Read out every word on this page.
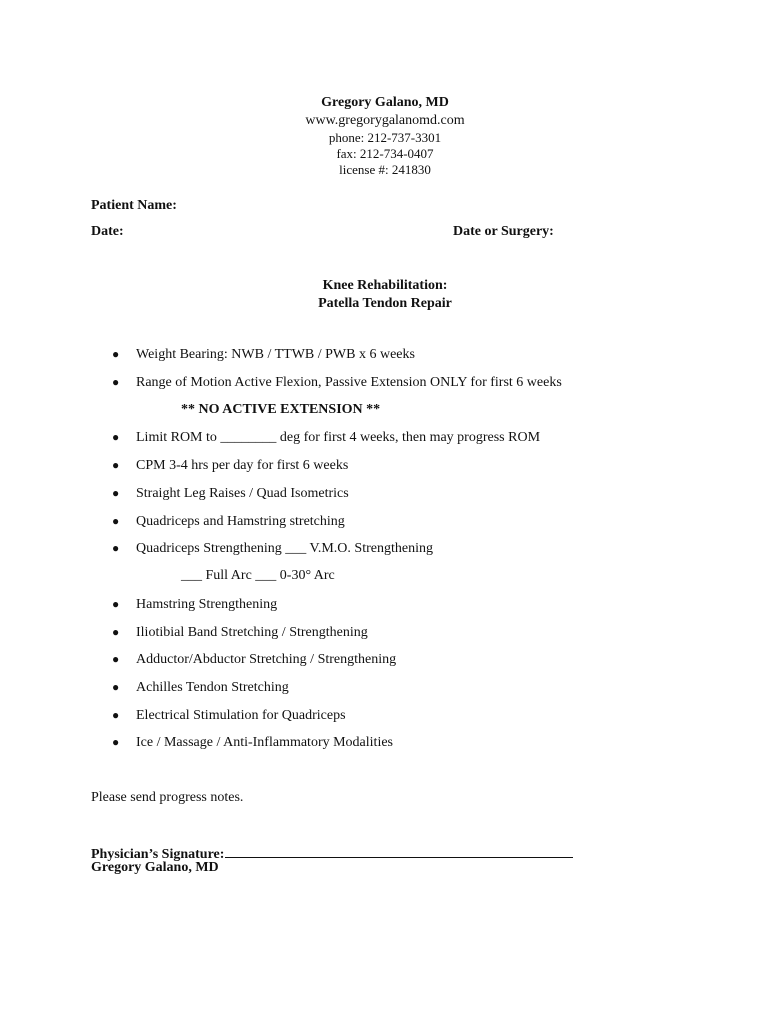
Gregory Galano, MD
www.gregorygalanomd.com
phone: 212-737-3301
fax: 212-734-0407
license #: 241830
Patient Name:
Date:	Date or Surgery:
Knee Rehabilitation:
Patella Tendon Repair
● Weight Bearing: NWB / TTWB / PWB x 6 weeks
● Range of Motion Active Flexion, Passive Extension ONLY for first 6 weeks
** NO ACTIVE EXTENSION **
● Limit ROM to ________ deg for first 4 weeks, then may progress ROM
● CPM 3-4 hrs per day for first 6 weeks
● Straight Leg Raises / Quad Isometrics
● Quadriceps and Hamstring stretching
● Quadriceps Strengthening ___ V.M.O. Strengthening
___ Full Arc ___ 0-30° Arc
● Hamstring Strengthening
● Iliotibial Band Stretching / Strengthening
● Adductor/Abductor Stretching / Strengthening
● Achilles Tendon Stretching
● Electrical Stimulation for Quadriceps
● Ice / Massage / Anti-Inflammatory Modalities
Please send progress notes.
Physician’s Signature:
Gregory Galano, MD
